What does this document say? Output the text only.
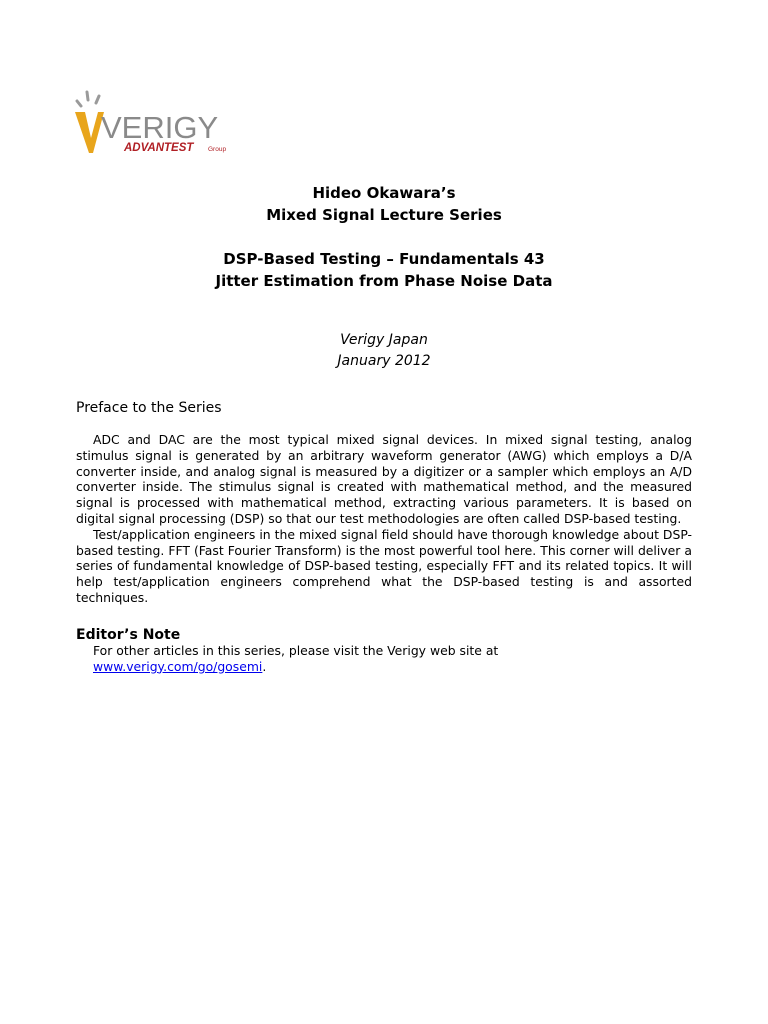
VERIGY
ADVANTEST Group
Hideo Okawara’s
Mixed Signal Lecture Series
DSP-Based Testing – Fundamentals 43
Jitter Estimation from Phase Noise Data
Verigy Japan
January 2012
Preface to the Series

ADC and DAC are the most typical mixed signal devices. In mixed signal testing, analog stimulus signal is generated by an arbitrary waveform generator (AWG) which employs a D/A converter inside, and analog signal is measured by a digitizer or a sampler which employs an A/D converter inside. The stimulus signal is created with mathematical method, and the measured signal is processed with mathematical method, extracting various parameters. It is based on digital signal processing (DSP) so that our test methodologies are often called DSP-based testing.

Test/application engineers in the mixed signal field should have thorough knowledge about DSP-based testing. FFT (Fast Fourier Transform) is the most powerful tool here. This corner will deliver a series of fundamental knowledge of DSP-based testing, especially FFT and its related topics. It will help test/application engineers comprehend what the DSP-based testing is and assorted techniques.

Editor’s Note
For other articles in this series, please visit the Verigy web site at
www.verigy.com/go/gosemi.
